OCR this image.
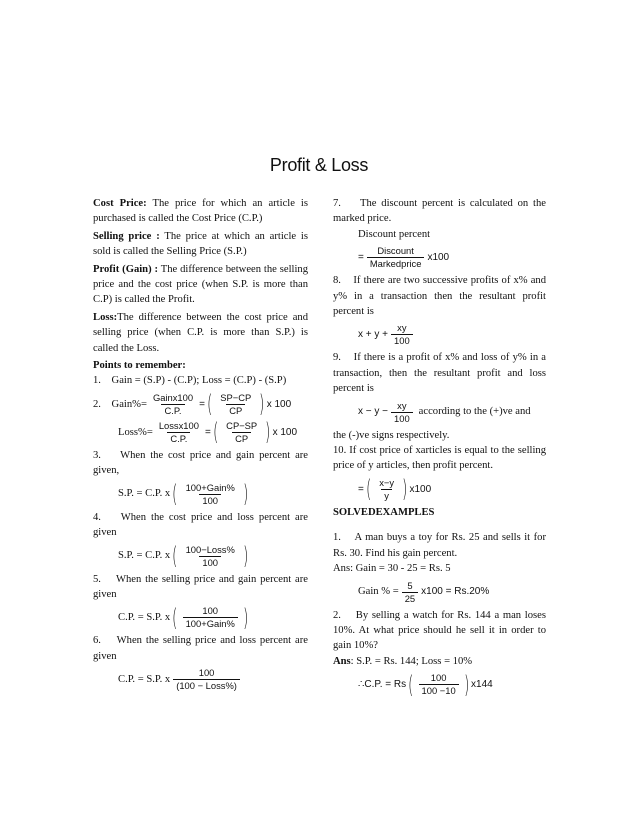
Profit & Loss

Cost Price: The price for which an article is purchased is called the Cost Price (C.P.)

Selling price : The price at which an article is sold is called the Selling Price (S.P.)

Profit (Gain) : The difference between the selling price and the cost price (when S.P. is more than C.P) is called the Profit.

Loss:The difference between the cost price and selling price (when C.P. is more than S.P.) is called the Loss.

Points to remember:

1.    Gain = (S.P) - (C.P); Loss = (C.P) - (S.P)

2.    Gain%= $\frac{\text{Gainx100}}{C.P.}$ = ( $\frac{SP-CP}{CP}$ ) x 100
Loss%= $\frac{\text{Lossx100}}{C.P.}$ = ( $\frac{CP-SP}{CP}$ ) x 100

3.    When the cost price and gain percent are given,

S.P. = C.P. x ( $\frac{\text{100+Gain\%}}{100}$ )

4.    When the cost price and loss percent are given

S.P. = C.P. x ( $\frac{\text{100−Loss\%}}{100}$ )

5.    When the selling price and gain percent are given

C.P. = S.P. x ( $\frac{100}{\text{100+Gain\%}}$ )

6.    When the selling price and loss percent are given

C.P. = S.P. x $\frac{100}{\text{(100 − Loss\%)}}$

7.    The discount percent is calculated on the marked price.

Discount percent

= $\frac{\text{Discount}}{\text{Markedprice}} x100$

8.    If there are two successive profits of x% and y% in a transaction then the resultant profit percent is

$x + y + \frac{xy}{100}$

9.    If there is a profit of x% and loss of y% in a transaction, then the resultant profit and loss percent is

$x - y - \frac{xy}{100}$ according to the (+)ve and

the (-)ve signs respectively.

10. If cost price of xarticles is equal to the selling price of y articles, then profit percent.

= ( $\frac{x-y}{y}$ ) x100

SOLVEDEXAMPLES

1.    A man buys a toy for Rs. 25 and sells it for Rs. 30. Find his gain percent.

Ans: Gain = 30 - 25 = Rs. 5

Gain % = $\frac{5}{25} x100 = Rs.20\%$

2.    By selling a watch for Rs. 144 a man loses 10%. At what price should he sell it in order to gain 10%?

Ans: S.P. = Rs. 144; Loss = 10%

∴C.P. = Rs ( $\frac{100}{100 -10}$ ) x144
